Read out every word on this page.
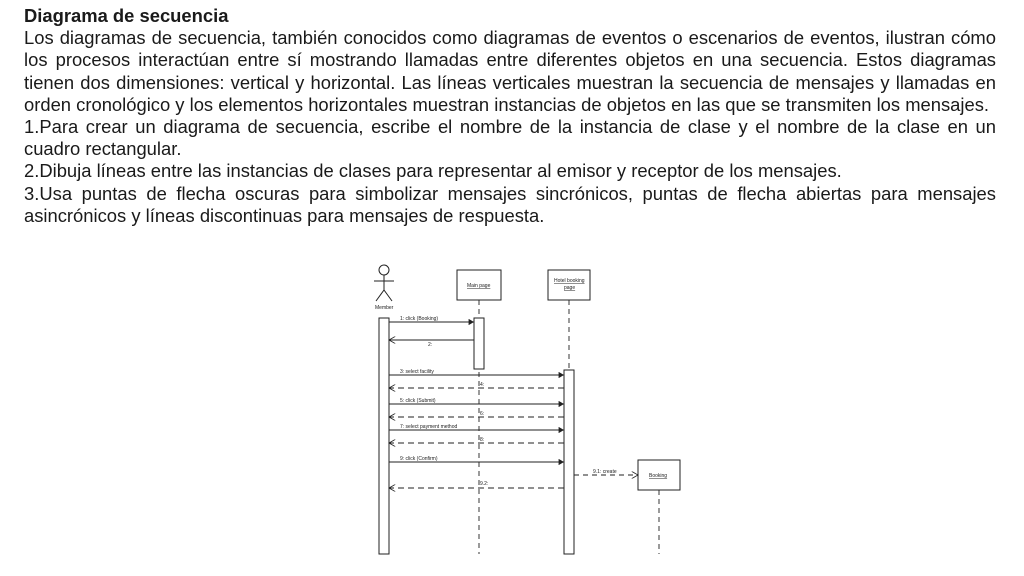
Diagrama de secuencia

Los diagramas de secuencia, también conocidos como diagramas de eventos o escenarios de eventos, ilustran cómo los procesos interactúan entre sí mostrando llamadas entre diferentes objetos en una secuencia. Estos diagramas tienen dos dimensiones: vertical y horizontal. Las líneas verticales muestran la secuencia de mensajes y llamadas en orden cronológico y los elementos horizontales muestran instancias de objetos en las que se transmiten los mensajes.

1.Para crear un diagrama de secuencia, escribe el nombre de la instancia de clase y el nombre de la clase en un cuadro rectangular.

2.Dibuja líneas entre las instancias de clases para representar al emisor y receptor de los mensajes.

3.Usa puntas de flecha oscuras para simbolizar mensajes sincrónicos, puntas de flecha abiertas para mensajes asincrónicos y líneas discontinuas para mensajes de respuesta.

Member
Main page
Hotel booking
page
Booking
1: click (Booking)
2:
3: select facility
4:
5: click (Submit)
6:
7: select payment method
8:
9: click (Confirm)
9.1: create
9.2:
